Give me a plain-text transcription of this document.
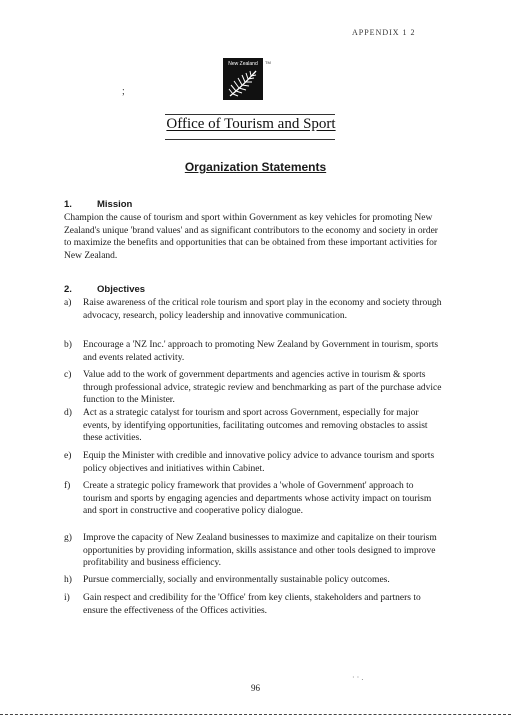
APPENDIX 1 2
New Zealand	TM
;
Office of Tourism and Sport
Organization Statements
1.	Mission
Champion the cause of tourism and sport within Government as key vehicles for promoting New Zealand's unique 'brand values' and as significant contributors to the economy and society in order to maximize the benefits and opportunities that can be obtained from these important activities for New Zealand.
2.	Objectives
a)	Raise awareness of the critical role tourism and sport play in the economy and society through advocacy, research, policy leadership and innovative communication.
b)	Encourage a 'NZ Inc.' approach to promoting New Zealand by Government in tourism, sports and events related activity.
c)	Value add to the work of government departments and agencies active in tourism & sports through professional advice, strategic review and benchmarking as part of the purchase advice function to the Minister.
d)	Act as a strategic catalyst for tourism and sport across Government, especially for major events, by identifying opportunities, facilitating outcomes and removing obstacles to assist these activities.
e)	Equip the Minister with credible and innovative policy advice to advance tourism and sports policy objectives and initiatives within Cabinet.
f)	Create a strategic policy framework that provides a 'whole of Government' approach to tourism and sports by engaging agencies and departments whose activity impact on tourism and sport in constructive and cooperative policy dialogue.
g)	Improve the capacity of New Zealand businesses to maximize and capitalize on their tourism opportunities by providing information, skills assistance and other tools designed to improve profitability and business efficiency.
h)	Pursue commercially, socially and environmentally sustainable policy outcomes.
i)	Gain respect and credibility for the 'Office' from key clients, stakeholders and partners to ensure the effectiveness of the Offices activities.
· · .
96
